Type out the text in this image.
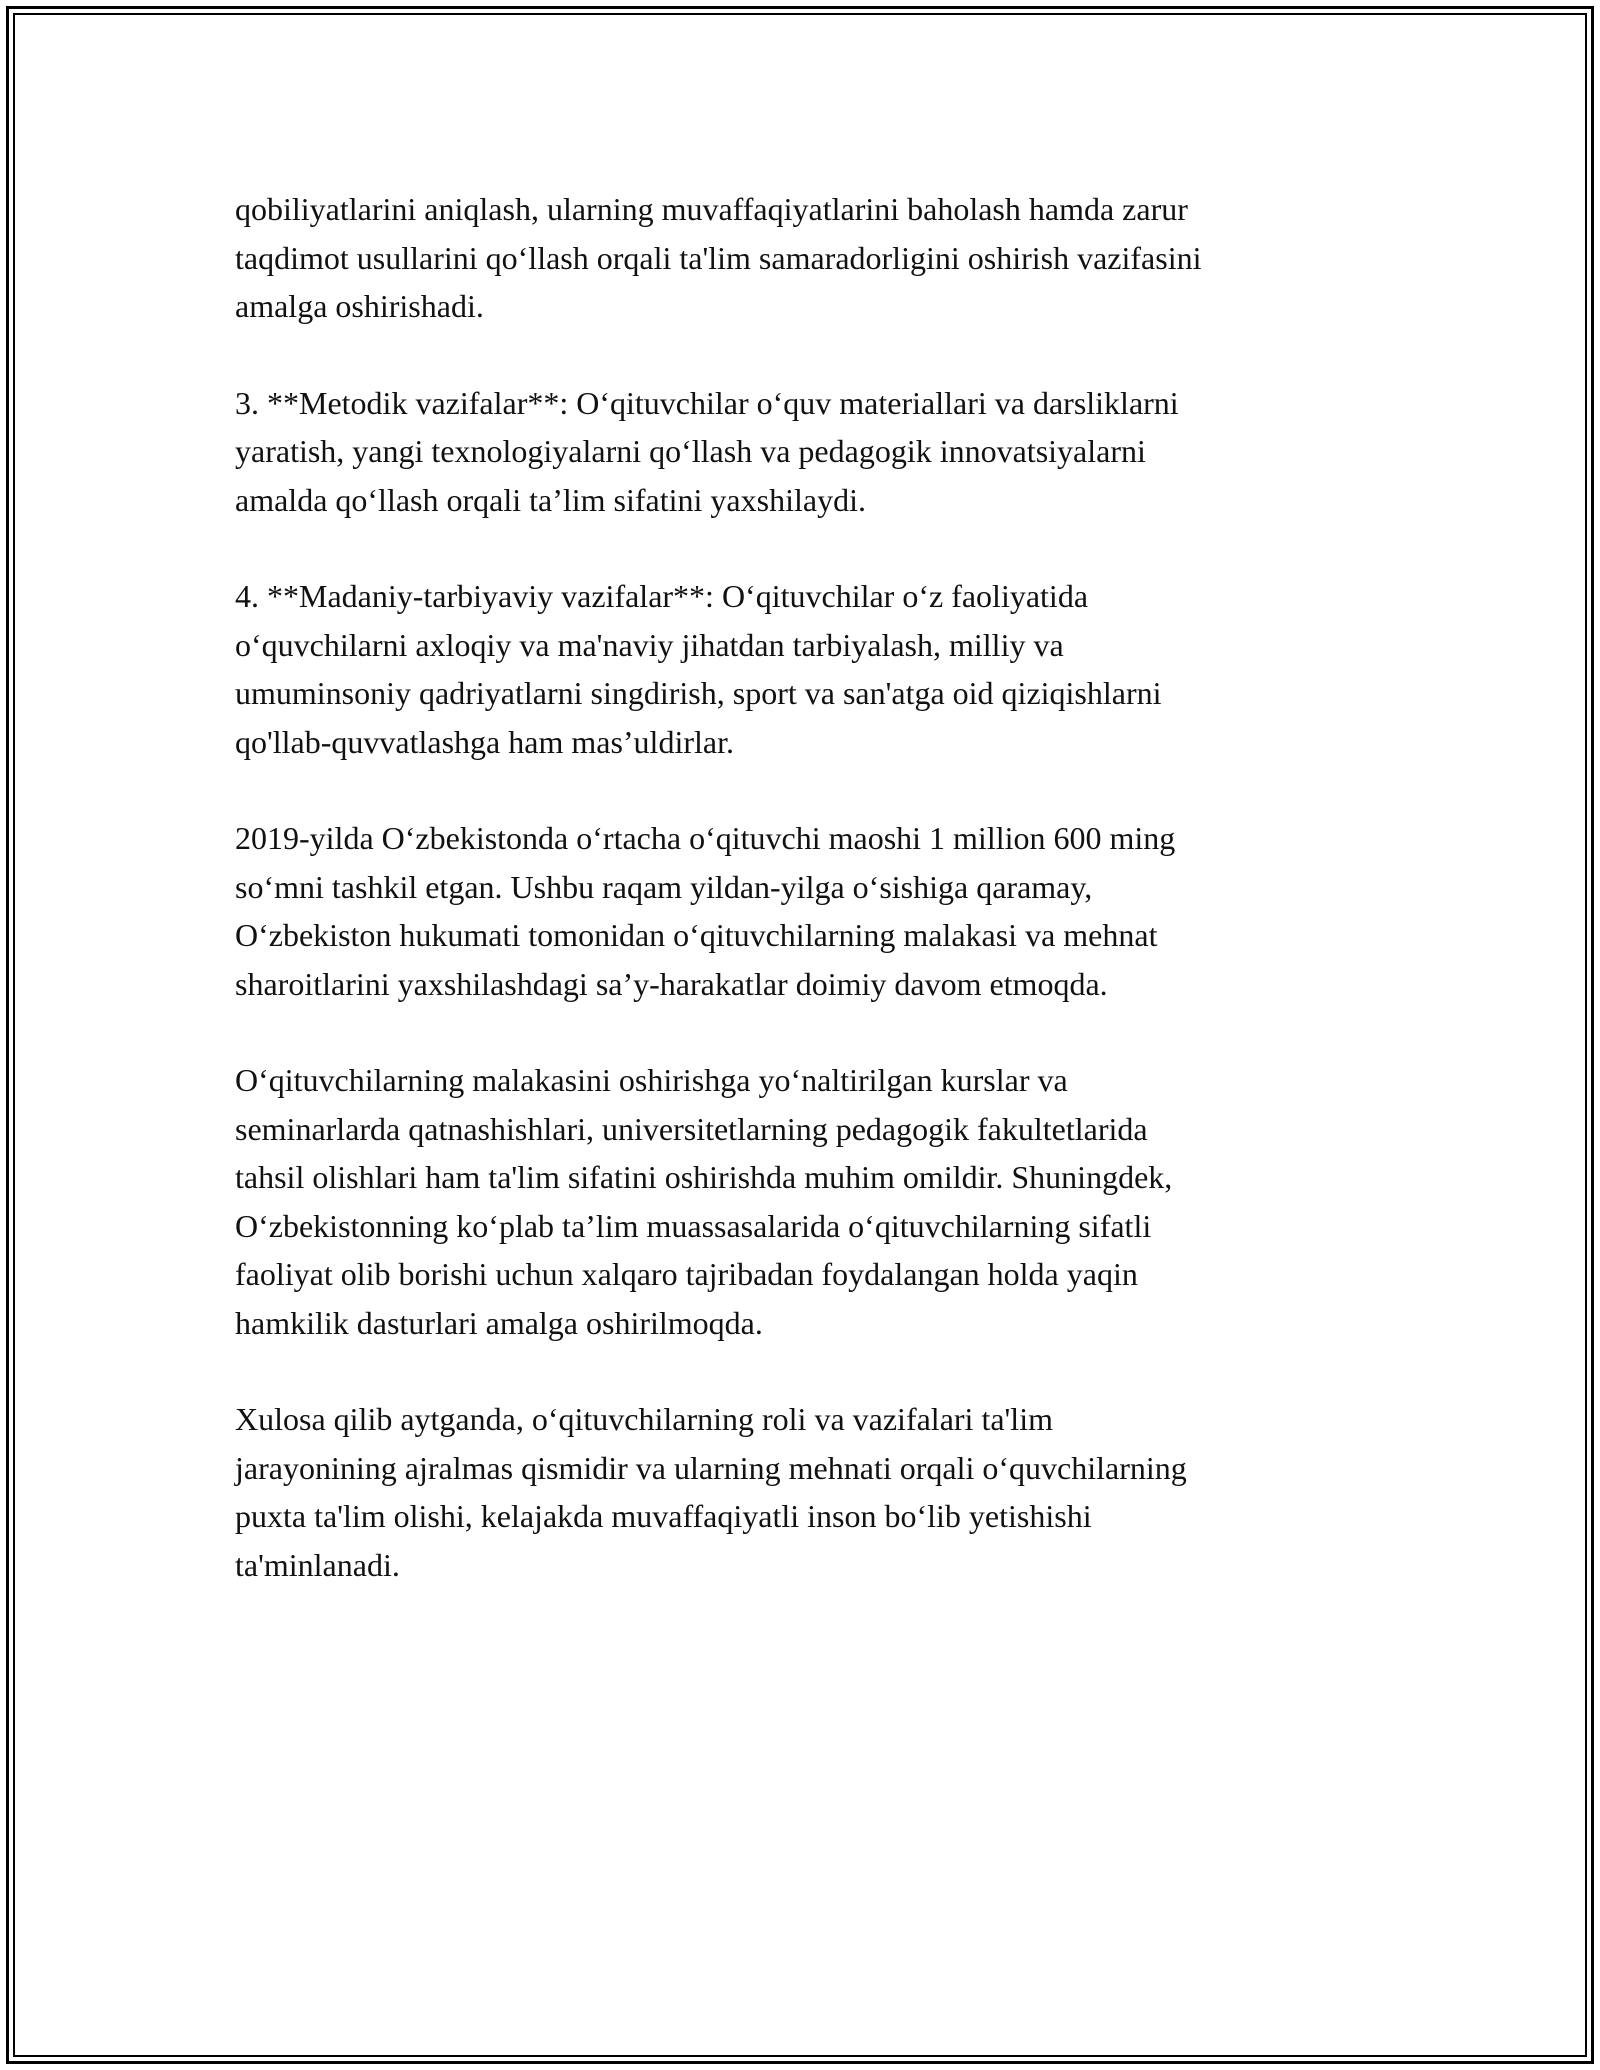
qobiliyatlarini aniqlash, ularning muvaffaqiyatlarini baholash hamda zarur
taqdimot usullarini qo‘llash orqali ta'lim samaradorligini oshirish vazifasini
amalga oshirishadi.

3. **Metodik vazifalar**: O‘qituvchilar o‘quv materiallari va darsliklarni
yaratish, yangi texnologiyalarni qo‘llash va pedagogik innovatsiyalarni
amalda qo‘llash orqali ta’lim sifatini yaxshilaydi.

4. **Madaniy-tarbiyaviy vazifalar**: O‘qituvchilar o‘z faoliyatida
o‘quvchilarni axloqiy va ma'naviy jihatdan tarbiyalash, milliy va
umuminsoniy qadriyatlarni singdirish, sport va san'atga oid qiziqishlarni
qo'llab-quvvatlashga ham mas’uldirlar.

2019-yilda O‘zbekistonda o‘rtacha o‘qituvchi maoshi 1 million 600 ming
so‘mni tashkil etgan. Ushbu raqam yildan-yilga o‘sishiga qaramay,
O‘zbekiston hukumati tomonidan o‘qituvchilarning malakasi va mehnat
sharoitlarini yaxshilashdagi sa’y-harakatlar doimiy davom etmoqda.

O‘qituvchilarning malakasini oshirishga yo‘naltirilgan kurslar va
seminarlarda qatnashishlari, universitetlarning pedagogik fakultetlarida
tahsil olishlari ham ta'lim sifatini oshirishda muhim omildir. Shuningdek,
O‘zbekistonning ko‘plab ta’lim muassasalarida o‘qituvchilarning sifatli
faoliyat olib borishi uchun xalqaro tajribadan foydalangan holda yaqin
hamkilik dasturlari amalga oshirilmoqda.

Xulosa qilib aytganda, o‘qituvchilarning roli va vazifalari ta'lim
jarayonining ajralmas qismidir va ularning mehnati orqali o‘quvchilarning
puxta ta'lim olishi, kelajakda muvaffaqiyatli inson bo‘lib yetishishi
ta'minlanadi.
